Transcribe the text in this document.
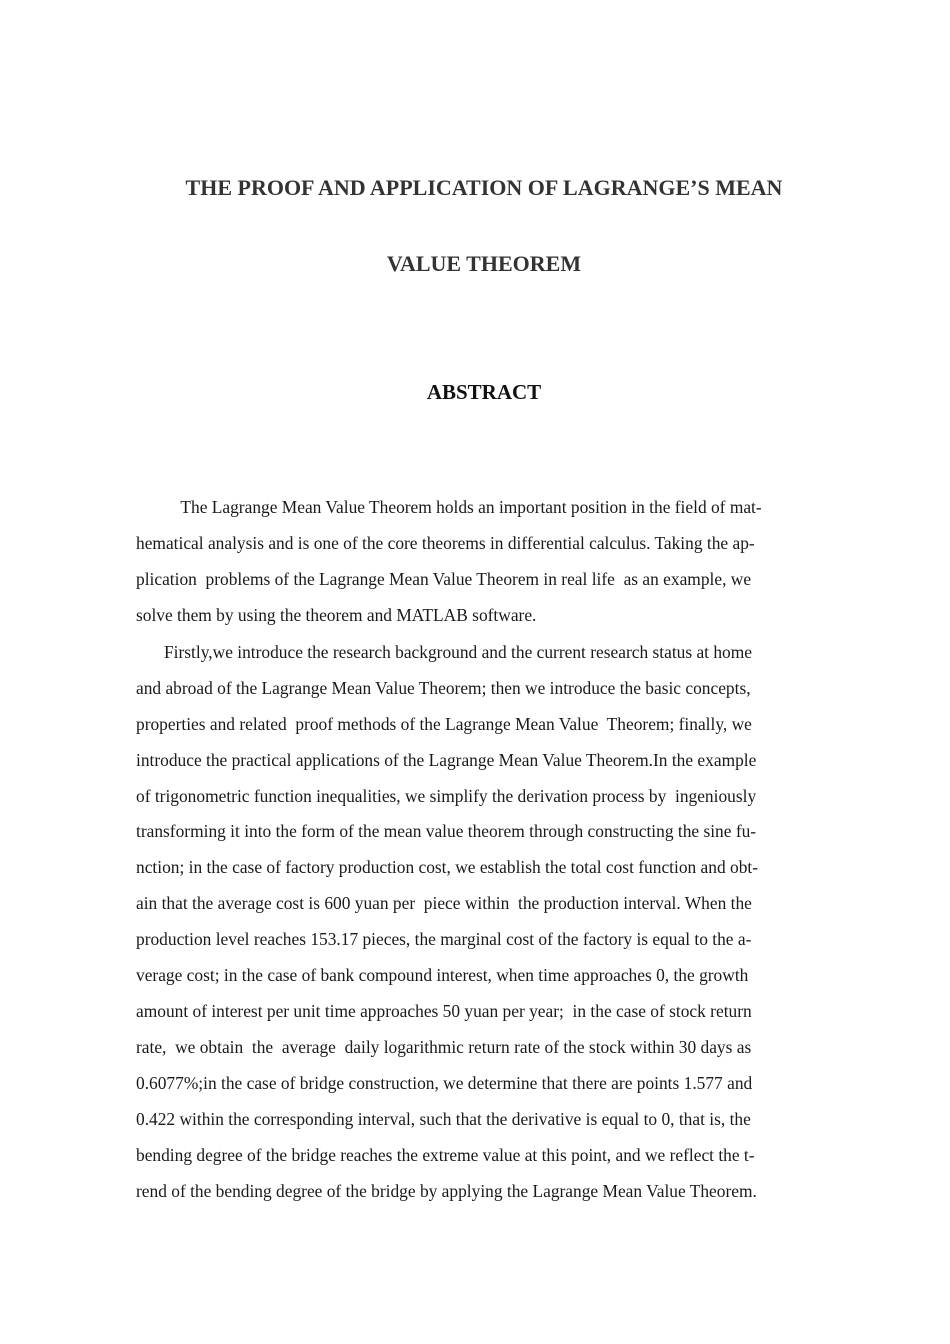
THE PROOF AND APPLICATION OF LAGRANGE’S MEAN
VALUE THEOREM
ABSTRACT
The Lagrange Mean Value Theorem holds an important position in the field of mat-
hematical analysis and is one of the core theorems in differential calculus. Taking the ap-
plication  problems of the Lagrange Mean Value Theorem in real life  as an example, we
solve them by using the theorem and MATLAB software.
Firstly,we introduce the research background and the current research status at home
and abroad of the Lagrange Mean Value Theorem; then we introduce the basic concepts,
properties and related  proof methods of the Lagrange Mean Value  Theorem; finally, we
introduce the practical applications of the Lagrange Mean Value Theorem.In the example
of trigonometric function inequalities, we simplify the derivation process by  ingeniously
transforming it into the form of the mean value theorem through constructing the sine fu-
nction; in the case of factory production cost, we establish the total cost function and obt-
ain that the average cost is 600 yuan per  piece within  the production interval. When the
production level reaches 153.17 pieces, the marginal cost of the factory is equal to the a-
verage cost; in the case of bank compound interest, when time approaches 0, the growth
amount of interest per unit time approaches 50 yuan per year;  in the case of stock return
rate,  we obtain  the  average  daily logarithmic return rate of the stock within 30 days as
0.6077%;in the case of bridge construction, we determine that there are points 1.577 and
0.422 within the corresponding interval, such that the derivative is equal to 0, that is, the
bending degree of the bridge reaches the extreme value at this point, and we reflect the t-
rend of the bending degree of the bridge by applying the Lagrange Mean Value Theorem.
